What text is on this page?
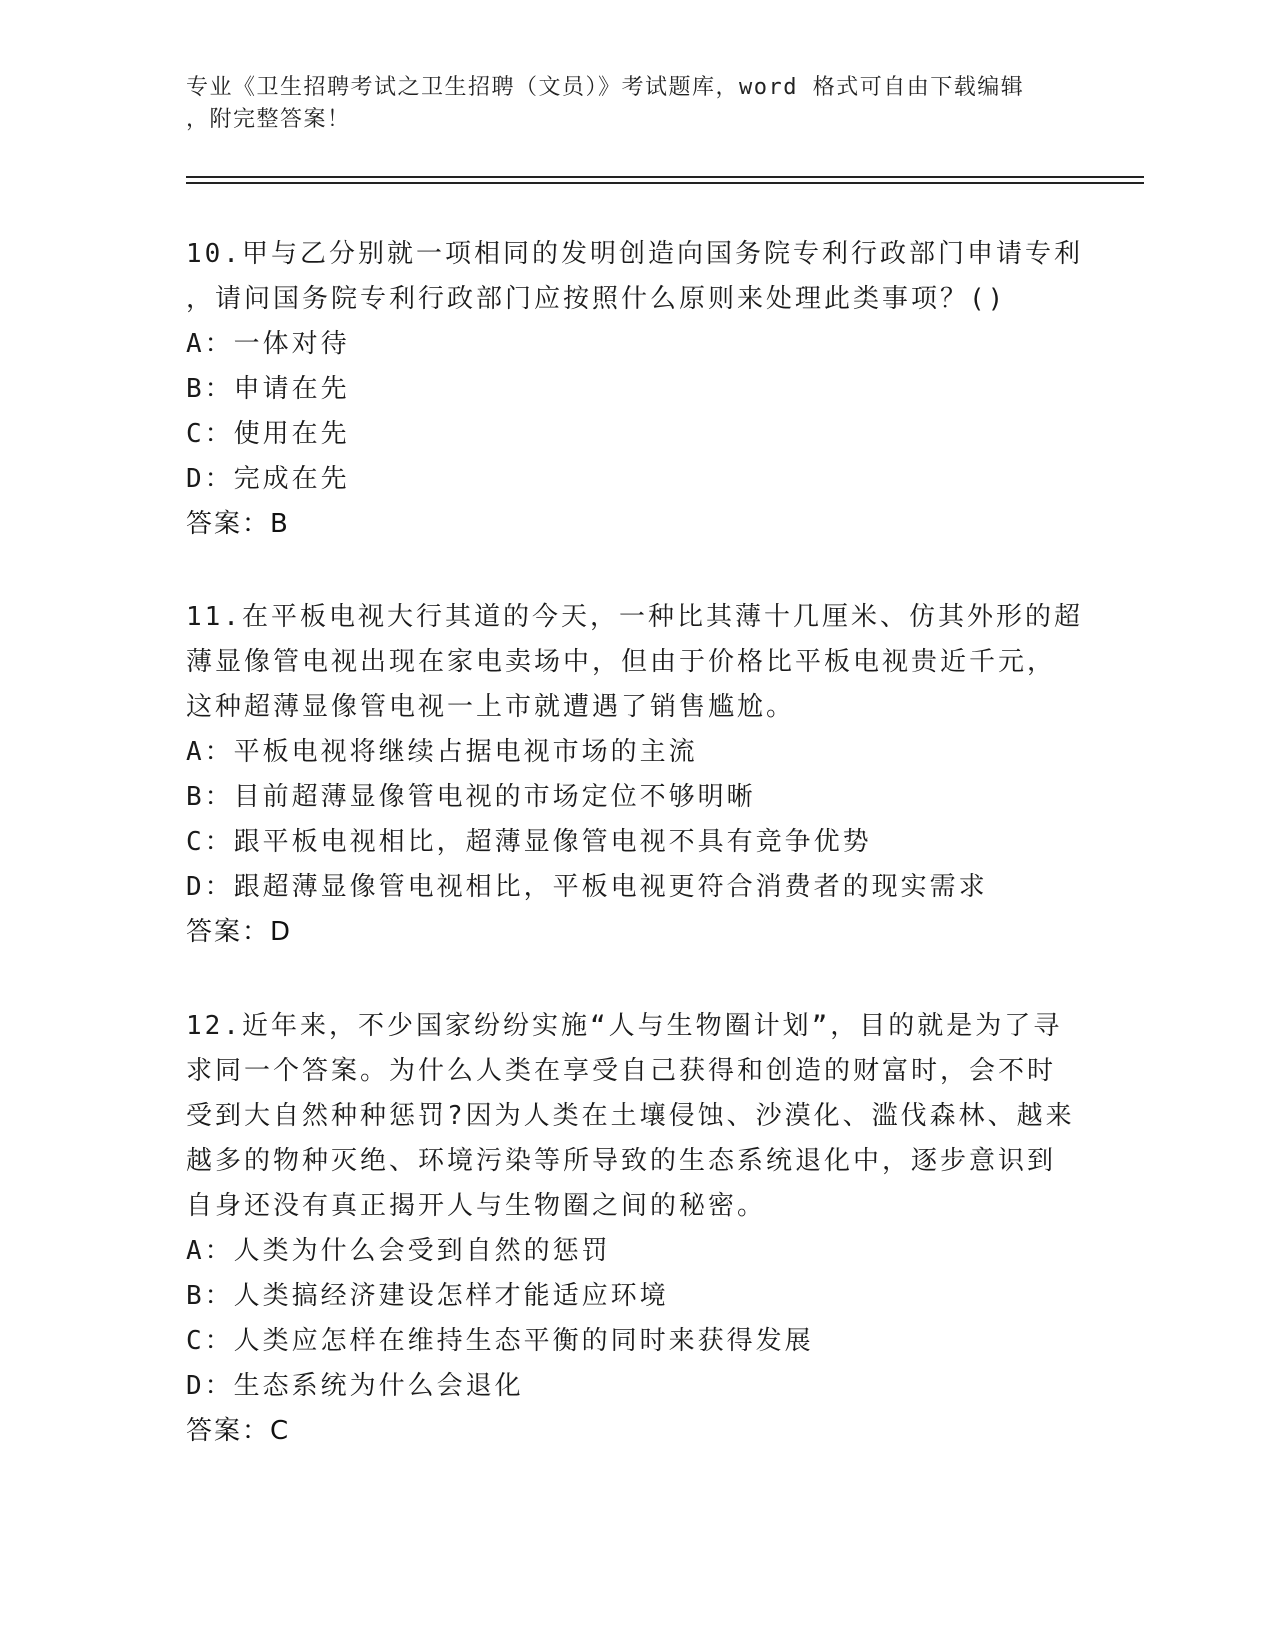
专业《卫生招聘考试之卫生招聘（文员）》考试题库，word 格式可自由下载编辑
，附完整答案！
10.甲与乙分别就一项相同的发明创造向国务院专利行政部门申请专利
，请问国务院专利行政部门应按照什么原则来处理此类事项？()
A：一体对待
B：申请在先
C：使用在先
D：完成在先
答案：B
11.在平板电视大行其道的今天，一种比其薄十几厘米、仿其外形的超
薄显像管电视出现在家电卖场中，但由于价格比平板电视贵近千元，
这种超薄显像管电视一上市就遭遇了销售尴尬。
A：平板电视将继续占据电视市场的主流
B：目前超薄显像管电视的市场定位不够明晰
C：跟平板电视相比，超薄显像管电视不具有竞争优势
D：跟超薄显像管电视相比，平板电视更符合消费者的现实需求
答案：D
12.近年来，不少国家纷纷实施“人与生物圈计划”，目的就是为了寻
求同一个答案。为什么人类在享受自己获得和创造的财富时，会不时
受到大自然种种惩罚?因为人类在土壤侵蚀、沙漠化、滥伐森林、越来
越多的物种灭绝、环境污染等所导致的生态系统退化中，逐步意识到
自身还没有真正揭开人与生物圈之间的秘密。
A：人类为什么会受到自然的惩罚
B：人类搞经济建设怎样才能适应环境
C：人类应怎样在维持生态平衡的同时来获得发展
D：生态系统为什么会退化
答案：C
